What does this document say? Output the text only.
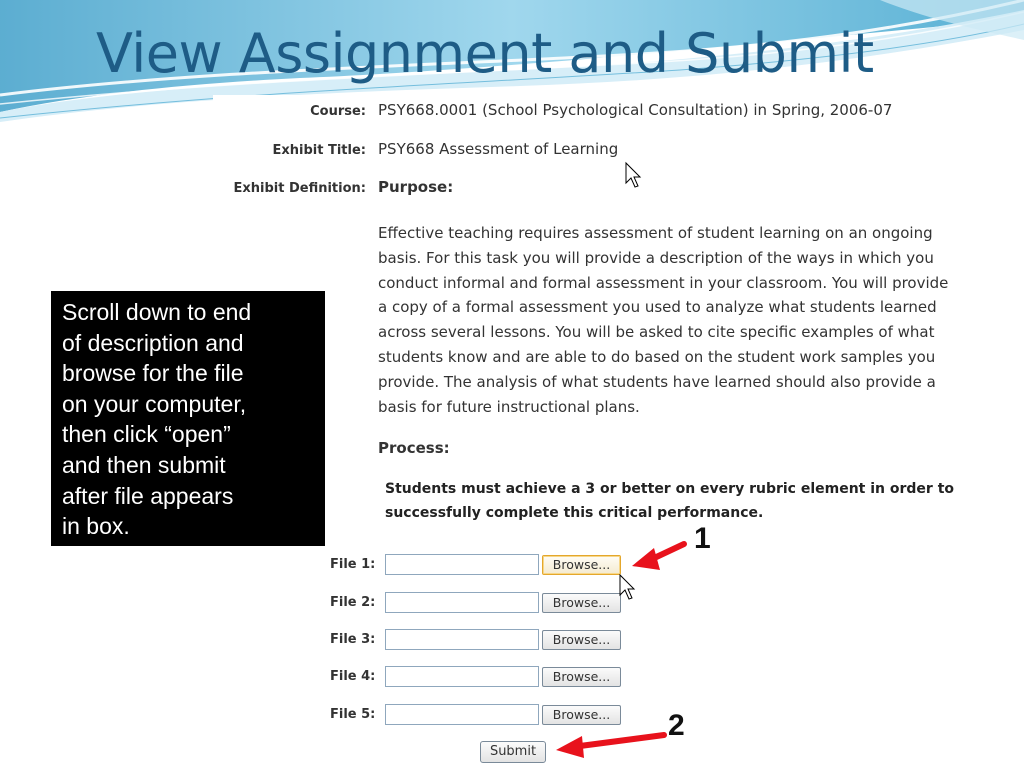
View Assignment and Submit
Course: PSY668.0001 (School Psychological Consultation) in Spring, 2006-07
Exhibit Title: PSY668 Assessment of Learning
Exhibit Definition: Purpose:
Effective teaching requires assessment of student learning on an ongoing
basis. For this task you will provide a description of the ways in which you
conduct informal and formal assessment in your classroom. You will provide
a copy of a formal assessment you used to analyze what students learned
across several lessons. You will be asked to cite specific examples of what
students know and are able to do based on the student work samples you
provide. The analysis of what students have learned should also provide a
basis for future instructional plans.
Process:
Students must achieve a 3 or better on every rubric element in order to
successfully complete this critical performance.
File 1:	Browse...
File 2:	Browse...
File 3:	Browse...
File 4:	Browse...
File 5:	Browse...
Submit
Scroll down to end
of description and
browse for the file
on your computer,
then click “open”
and then submit
after file appears
in box.	1
2
